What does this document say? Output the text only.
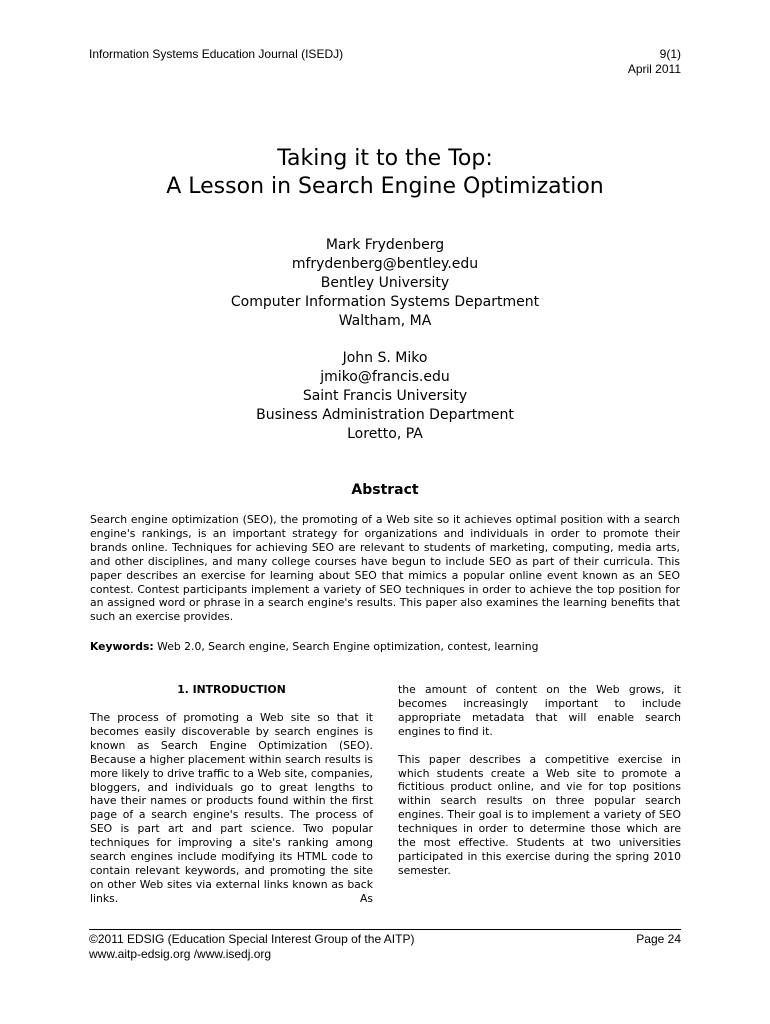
Information Systems Education Journal (ISEDJ)	9(1)
April 2011
Taking it to the Top:
A Lesson in Search Engine Optimization
Mark Frydenberg
mfrydenberg@bentley.edu
Bentley University
Computer Information Systems Department
Waltham, MA
John S. Miko
jmiko@francis.edu
Saint Francis University
Business Administration Department
Loretto, PA
Abstract
Search engine optimization (SEO), the promoting of a Web site so it achieves optimal position with a search engine's rankings, is an important strategy for organizations and individuals in order to promote their brands online. Techniques for achieving SEO are relevant to students of marketing, computing, media arts, and other disciplines, and many college courses have begun to include SEO as part of their curricula. This paper describes an exercise for learning about SEO that mimics a popular online event known as an SEO contest. Contest participants implement a variety of SEO techniques in order to achieve the top position for an assigned word or phrase in a search engine's results. This paper also examines the learning benefits that such an exercise provides.
Keywords: Web 2.0, Search engine, Search Engine optimization, contest, learning
1. INTRODUCTION
The process of promoting a Web site so that it becomes easily discoverable by search engines is known as Search Engine Optimization (SEO). Because a higher placement within search results is more likely to drive traffic to a Web site, companies, bloggers, and individuals go to great lengths to have their names or products found within the first page of a search engine's results. The process of SEO is part art and part science. Two popular techniques for improving a site's ranking among search engines include modifying its HTML code to contain relevant keywords, and promoting the site on other Web sites via external links known as back links. As
the amount of content on the Web grows, it becomes increasingly important to include appropriate metadata that will enable search engines to find it.
This paper describes a competitive exercise in which students create a Web site to promote a fictitious product online, and vie for top positions within search results on three popular search engines. Their goal is to implement a variety of SEO techniques in order to determine those which are the most effective. Students at two universities participated in this exercise during the spring 2010 semester.
©2011 EDSIG (Education Special Interest Group of the AITP)
www.aitp-edsig.org /www.isedj.org
Page 24
